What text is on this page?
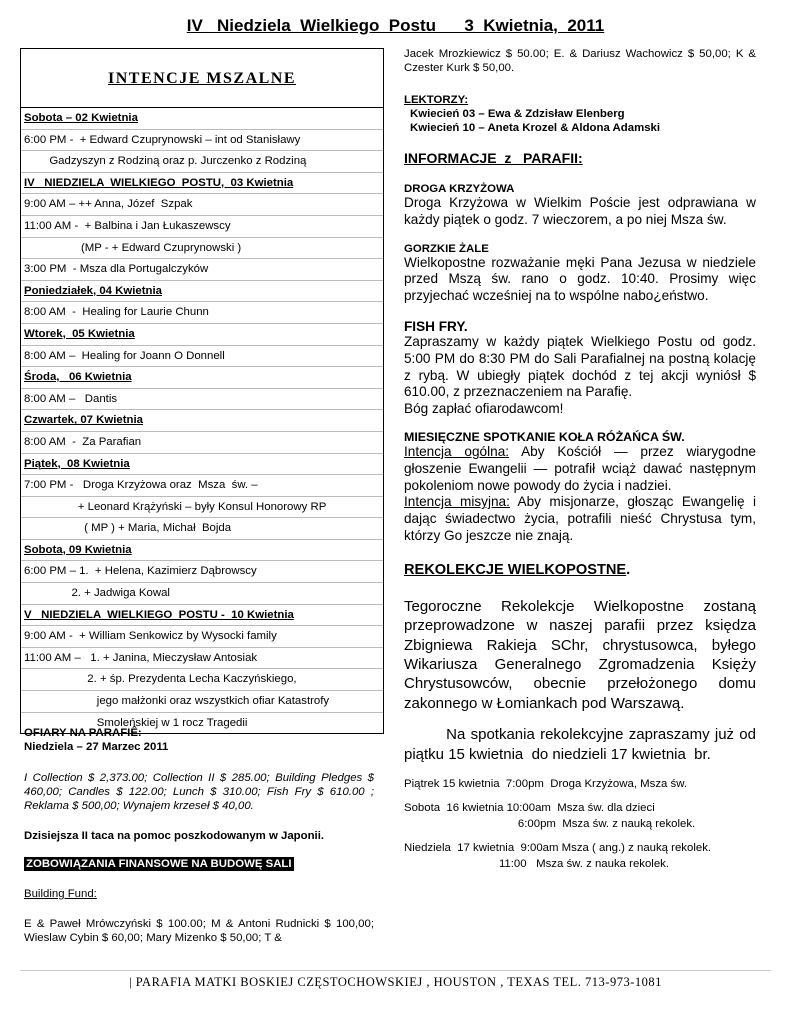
IV   Niedziela  Wielkiego  Postu      3  Kwietnia,  2011
INTENCJE MSZALNE
Sobota – 02 Kwietnia
6:00 PM -  + Edward Czuprynowski – int od Stanisławy
Gadzyszyn z Rodziną oraz p. Jurczenko z Rodziną
IV   NIEDZIELA  WIELKIEGO  POSTU,  03 Kwietnia
9:00 AM – ++ Anna, Józef  Szpak
11:00 AM -  + Balbina i Jan Łukaszewscy
(MP - + Edward Czuprynowski )
3:00 PM  - Msza dla Portugalczyków
Poniedziałek, 04 Kwietnia
8:00 AM  -  Healing for Laurie Chunn
Wtorek,  05 Kwietnia
8:00 AM –  Healing for Joann O Donnell
Środa,   06 Kwietnia
8:00 AM –   Dantis
Czwartek, 07 Kwietnia
8:00 AM  -  Za Parafian
Piątek,  08 Kwietnia
7:00 PM -   Droga Krzyżowa oraz  Msza  św. –
+ Leonard Krążyński – były Konsul Honorowy RP
( MP ) + Maria, Michał  Bojda
Sobota, 09 Kwietnia
6:00 PM – 1.  + Helena, Kazimierz Dąbrowscy
2. + Jadwiga Kowal
V   NIEDZIELA  WIELKIEGO  POSTU -  10 Kwietnia
9:00 AM -  + William Senkowicz by Wysocki family
11:00 AM –   1. + Janina, Mieczysław Antosiak
2. + śp. Prezydenta Lecha Kaczyńskiego,
jego małżonki oraz wszystkich ofiar Katastrofy
Smoleńskiej w 1 rocz Tragedii
OFIARY NA PARAFIÊ:
Niedziela – 27 Marzec 2011

I Collection $ 2,373.00; Collection II $ 285.00; Building Pledges $ 460,00; Candles $ 122.00; Lunch $ 310.00; Fish Fry $ 610.00 ; Reklama $ 500,00; Wynajem krzeseł $ 40,00.

Dzisiejsza II taca na pomoc poszkodowanym w Japonii.

ZOBOWIĄZANIA FINANSOWE NA BUDOWĘ SALI
Building Fund:

E & Paweł Mrówczyński $ 100.00; M & Antoni Rudnicki $ 100,00; Wieslaw Cybin $ 60,00; Mary Mizenko $ 50,00; T &

Jacek Mrozkiewicz $ 50.00; E. & Dariusz Wachowicz $ 50,00; K & Czester Kurk $ 50,00.

LEKTORZY:
Kwiecień 03 – Ewa & Zdzisław Elenberg
Kwiecień 10 – Aneta Krozel & Aldona Adamski
INFORMACJE  z   PARAFII:

DROGA KRZYŻOWA

Droga Krzyżowa w Wielkim Poście jest odprawiana w każdy piątek o godz. 7 wieczorem, a po niej Msza św.

GORZKIE ŻALE

Wielkopostne rozważanie męki Pana Jezusa w niedziele przed Mszą św. rano o godz. 10:40. Prosimy więc przyjechać wcześniej na to wspólne nabo¿eństwo.

FISH FRY.

Zapraszamy w każdy piątek Wielkiego Postu od godz. 5:00 PM do 8:30 PM do Sali Parafialnej na postną kolację z rybą. W ubiegły piątek dochód z tej akcji wyniósł $ 610.00, z przeznaczeniem na Parafię.

Bóg zapłać ofiarodawcom!

MIESIĘCZNE SPOTKANIE KOŁA RÓŻAŃCA ŚW.

Intencja ogólna: Aby Kościół — przez wiarygodne głoszenie Ewangelii — potrafił wciąż dawać następnym pokoleniom nowe powody do życia i nadziei.

Intencja misyjna: Aby misjonarze, głosząc Ewangelię i dając świadectwo życia, potrafili nieść Chrystusa tym, którzy Go jeszcze nie znają.

REKOLEKCJE WIELKOPOSTNE.

Tegoroczne Rekolekcje Wielkopostne zostaną przeprowadzone w naszej parafii przez księdza Zbigniewa Rakieja SChr, chrystusowca, byłego Wikariusza Generalnego Zgromadzenia Księży Chrystusowców, obecnie przełożonego domu zakonnego w Łomiankach pod Warszawą.

Na spotkania rekolekcyjne zapraszamy już od piątku 15 kwietnia  do niedzieli 17 kwietnia  br.

Piątrek 15 kwietnia  7:00pm  Droga Krzyżowa, Msza św.

Sobota  16 kwietnia 10:00am  Msza św. dla dzieci

6:00pm  Msza św. z nauką rekolek.

Niedziela  17 kwietnia  9:00am Msza ( ang.) z nauką rekolek.

11:00   Msza św. z nauka rekolek.

| PARAFIA MATKI BOSKIEJ CZĘSTOCHOWSKIEJ , HOUSTON , TEXAS TEL. 713-973-1081
